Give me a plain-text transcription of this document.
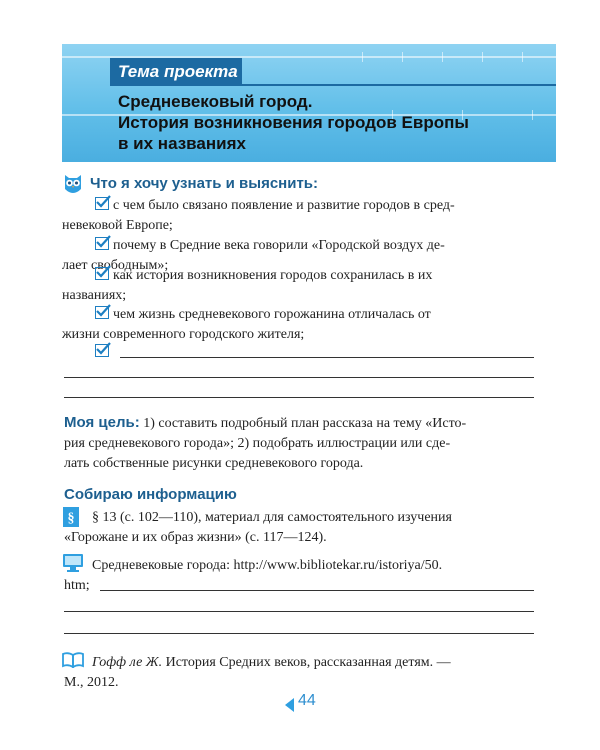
Тема проекта
Средневековый город.
История возникновения городов Европы
в их названиях
Что я хочу узнать и выяснить:
с чем было связано появление и развитие городов в сред-
невековой Европе;
почему в Средние века говорили «Городской воздух де-
лает свободным»;
как история возникновения городов сохранилась в их
названиях;
чем жизнь средневекового горожанина отличалась от
жизни современного городского жителя;
Моя цель: 1) составить подробный план рассказа на тему «Исто-
рия средневекового города»; 2) подобрать иллюстрации или сде-
лать собственные рисунки средневекового города.
Собираю информацию
§ § 13 (с. 102—110), материал для самостоятельного изучения
«Горожане и их образ жизни» (с. 117—124).
Средневековые города: http://www.bibliotekar.ru/istoriya/50.
htm;
Гофф ле Ж. История Средних веков, рассказанная детям. —
М., 2012.
44
